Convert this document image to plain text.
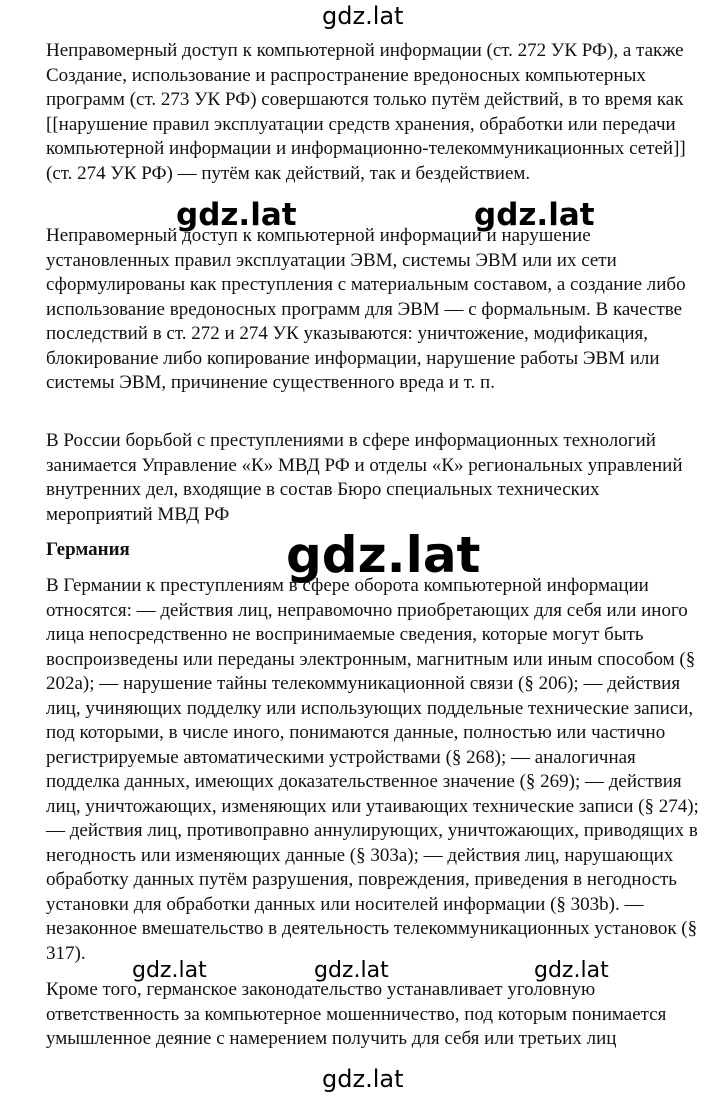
Неправомерный доступ к компьютерной информации (ст. 272 УК РФ), а также Создание, использование и распространение вредоносных компьютерных программ (ст. 273 УК РФ) совершаются только путём действий, в то время как [[нарушение правил эксплуатации средств хранения, обработки или передачи компьютерной информации и информационно-телекоммуникационных сетей]] (ст. 274 УК РФ) — путём как действий, так и бездействием.

Неправомерный доступ к компьютерной информации и нарушение установленных правил эксплуатации ЭВМ, системы ЭВМ или их сети сформулированы как преступления с материальным составом, а создание либо использование вредоносных программ для ЭВМ — с формальным. В качестве последствий в ст. 272 и 274 УК указываются: уничтожение, модификация, блокирование либо копирование информации, нарушение работы ЭВМ или системы ЭВМ, причинение существенного вреда и т. п.

В России борьбой с преступлениями в сфере информационных технологий занимается Управление «К» МВД РФ и отделы «К» региональных управлений внутренних дел, входящие в состав Бюро специальных технических мероприятий МВД РФ

Германия

В Германии к преступлениям в сфере оборота компьютерной информации относятся: — действия лиц, неправомочно приобретающих для себя или иного лица непосредственно не воспринимаемые сведения, которые могут быть воспроизведены или переданы электронным, магнитным или иным способом (§ 202a); — нарушение тайны телекоммуникационной связи (§ 206); — действия лиц, учиняющих подделку или использующих поддельные технические записи, под которыми, в числе иного, понимаются данные, полностью или частично регистрируемые автоматическими устройствами (§ 268); — аналогичная подделка данных, имеющих доказательственное значение (§ 269); — действия лиц, уничтожающих, изменяющих или утаивающих технические записи (§ 274); — действия лиц, противоправно аннулирующих, уничтожающих, приводящих в негодность или изменяющих данные (§ 303a); — действия лиц, нарушающих обработку данных путём разрушения, повреждения, приведения в негодность установки для обработки данных или носителей информации (§ 303b). — незаконное вмешательство в деятельность телекоммуникационных установок (§ 317).

Кроме того, германское законодательство устанавливает уголовную ответственность за компьютерное мошенничество, под которым понимается умышленное деяние с намерением получить для себя или третьих лиц

gdz.lat
gdz.lat	gdz.lat
gdz.lat
gdz.lat	gdz.lat	gdz.lat
gdz.lat
